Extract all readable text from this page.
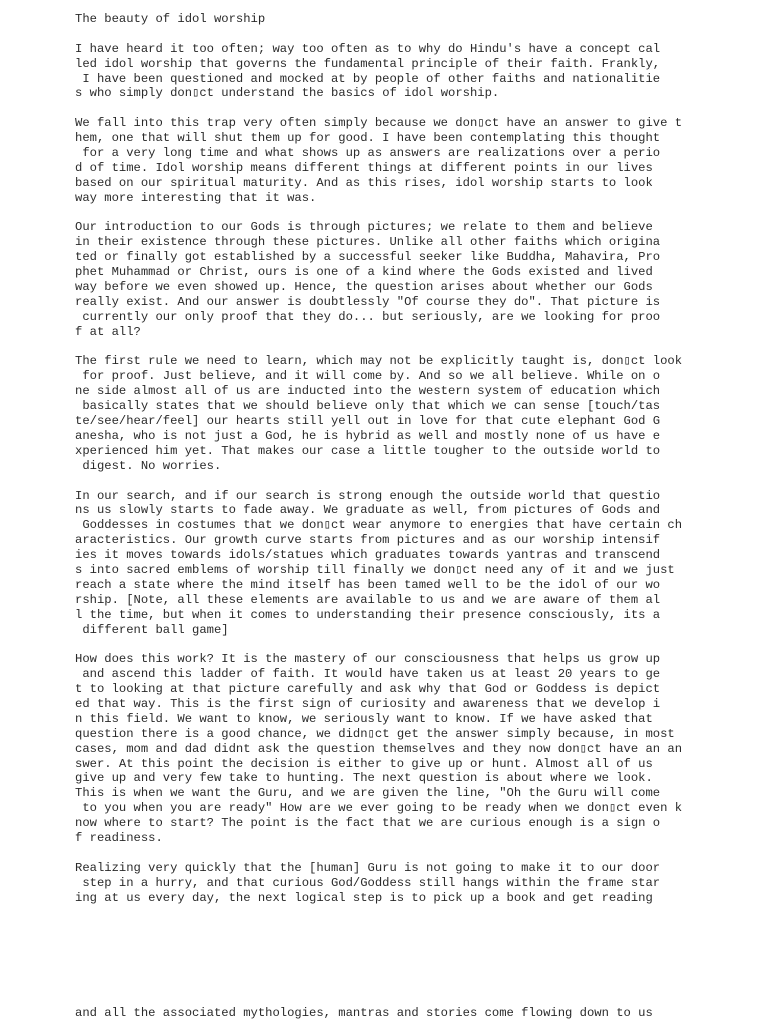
The beauty of idol worship
I have heard it too often; way too often as to why do Hindu's have a concept cal
led idol worship that governs the fundamental principle of their faith. Frankly,
I have been questioned and mocked at by people of other faiths and nationalitie
s who simply don▯ct understand the basics of idol worship.
We fall into this trap very often simply because we don▯ct have an answer to give t
hem, one that will shut them up for good. I have been contemplating this thought
for a very long time and what shows up as answers are realizations over a perio
d of time. Idol worship means different things at different points in our lives
based on our spiritual maturity. And as this rises, idol worship starts to look
way more interesting that it was.
Our introduction to our Gods is through pictures; we relate to them and believe
in their existence through these pictures. Unlike all other faiths which origina
ted or finally got established by a successful seeker like Buddha, Mahavira, Pro
phet Muhammad or Christ, ours is one of a kind where the Gods existed and lived
way before we even showed up. Hence, the question arises about whether our Gods
really exist. And our answer is doubtlessly "Of course they do". That picture is
currently our only proof that they do... but seriously, are we looking for proo
f at all?
The first rule we need to learn, which may not be explicitly taught is, don▯ct look
for proof. Just believe, and it will come by. And so we all believe. While on o
ne side almost all of us are inducted into the western system of education which
basically states that we should believe only that which we can sense [touch/tas
te/see/hear/feel] our hearts still yell out in love for that cute elephant God G
anesha, who is not just a God, he is hybrid as well and mostly none of us have e
xperienced him yet. That makes our case a little tougher to the outside world to
digest. No worries.
In our search, and if our search is strong enough the outside world that questio
ns us slowly starts to fade away. We graduate as well, from pictures of Gods and
Goddesses in costumes that we don▯ct wear anymore to energies that have certain ch
aracteristics. Our growth curve starts from pictures and as our worship intensif
ies it moves towards idols/statues which graduates towards yantras and transcend
s into sacred emblems of worship till finally we don▯ct need any of it and we just
reach a state where the mind itself has been tamed well to be the idol of our wo
rship. [Note, all these elements are available to us and we are aware of them al
l the time, but when it comes to understanding their presence consciously, its a
different ball game]
How does this work? It is the mastery of our consciousness that helps us grow up
and ascend this ladder of faith. It would have taken us at least 20 years to ge
t to looking at that picture carefully and ask why that God or Goddess is depict
ed that way. This is the first sign of curiosity and awareness that we develop i
n this field. We want to know, we seriously want to know. If we have asked that
question there is a good chance, we didn▯ct get the answer simply because, in most
cases, mom and dad didnt ask the question themselves and they now don▯ct have an an
swer. At this point the decision is either to give up or hunt. Almost all of us
give up and very few take to hunting. The next question is about where we look.
This is when we want the Guru, and we are given the line, "Oh the Guru will come
to you when you are ready" How are we ever going to be ready when we don▯ct even k
now where to start? The point is the fact that we are curious enough is a sign o
f readiness.
Realizing very quickly that the [human] Guru is not going to make it to our door
step in a hurry, and that curious God/Goddess still hangs within the frame star
ing at us every day, the next logical step is to pick up a book and get reading
and all the associated mythologies, mantras and stories come flowing down to us
